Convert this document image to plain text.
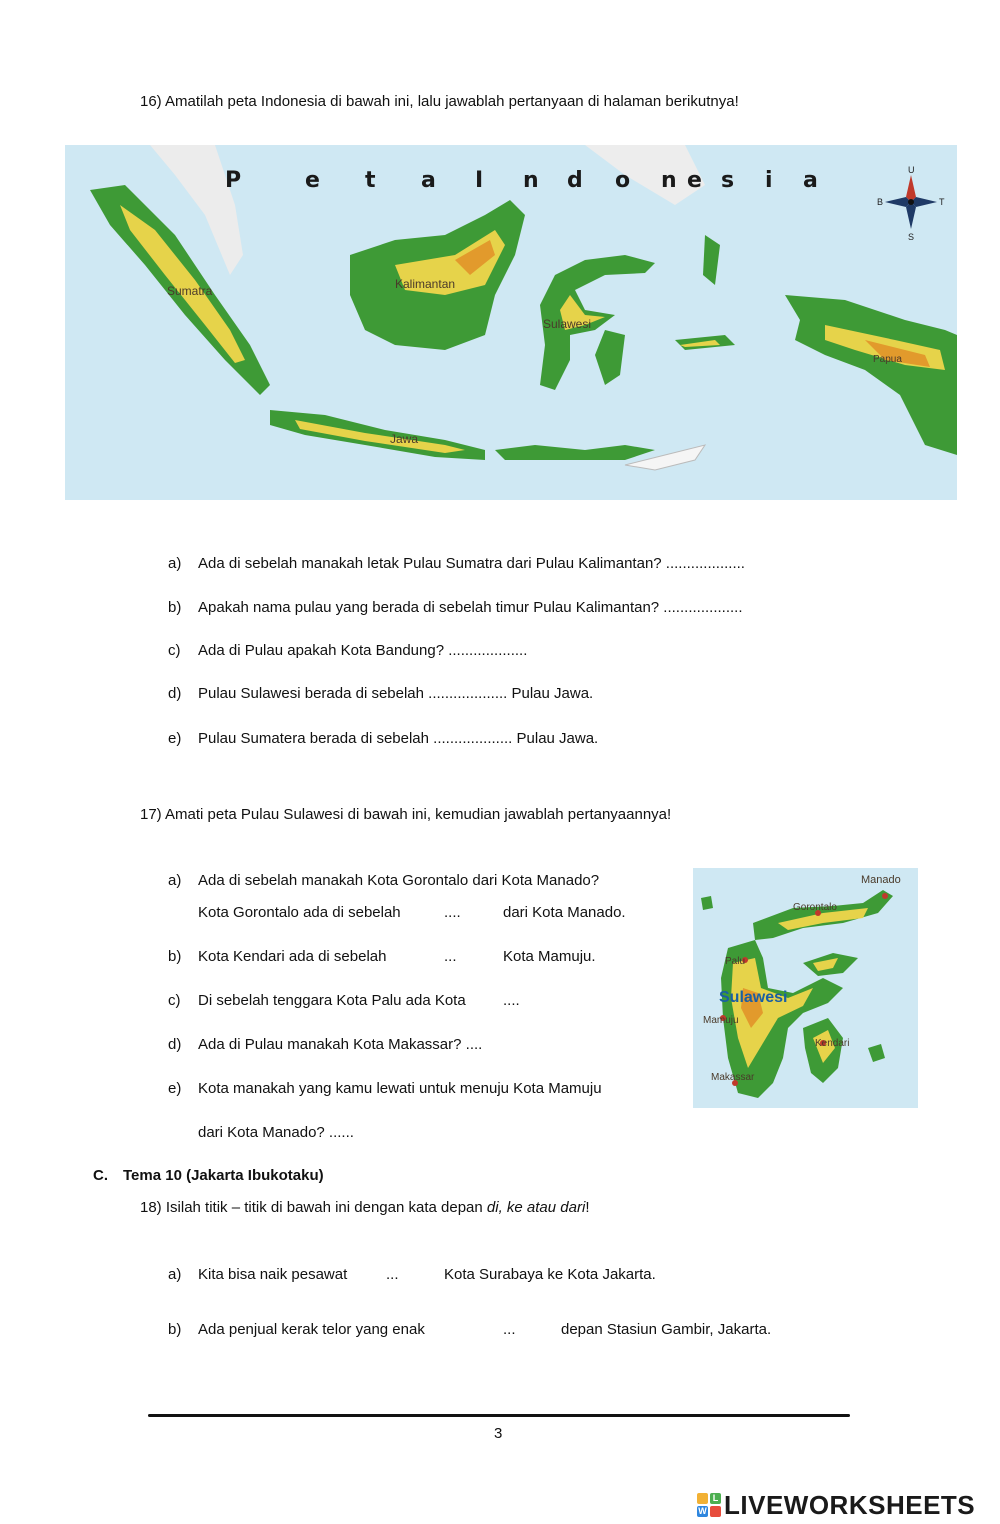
16) Amatilah peta Indonesia di bawah ini, lalu jawablah pertanyaan di halaman berikutnya!
P	e t a I n d o n e s i a
Sumatra	Kalimantan
Sulawesi
Jawa
Papua
U
S
B	T
a) Ada di sebelah manakah letak Pulau Sumatra dari Pulau Kalimantan? ...................
b) Apakah nama pulau yang berada di sebelah timur Pulau Kalimantan? ...................
c) Ada di Pulau apakah Kota Bandung? ...................
d) Pulau Sulawesi berada di sebelah ................... Pulau Jawa.
e) Pulau Sumatera berada di sebelah ................... Pulau Jawa.
17) Amati peta Pulau Sulawesi di bawah ini, kemudian jawablah pertanyaannya!
a) Ada di sebelah manakah Kota Gorontalo dari Kota Manado?
Kota Gorontalo ada di sebelah	....	dari Kota Manado.
b) Kota Kendari ada di sebelah	...	Kota Mamuju.
c) Di sebelah tenggara Kota Palu ada Kota ....
d) Ada di Pulau manakah Kota Makassar? ....
e) Kota manakah yang kamu lewati untuk menuju Kota Mamuju
dari Kota Manado? ......
Manado
Gorontalo
Palu
Sulawesi
Mamuju
Kendari
Makassar
C. Tema 10 (Jakarta Ibukotaku)
18) Isilah titik – titik di bawah ini dengan kata depan di, ke atau dari!
a) Kita bisa naik pesawat	...	Kota Surabaya ke Kota Jakarta.
b) Ada penjual kerak telor yang enak	...	depan Stasiun Gambir, Jakarta.
3
L
W LIVEWORKSHEETS
